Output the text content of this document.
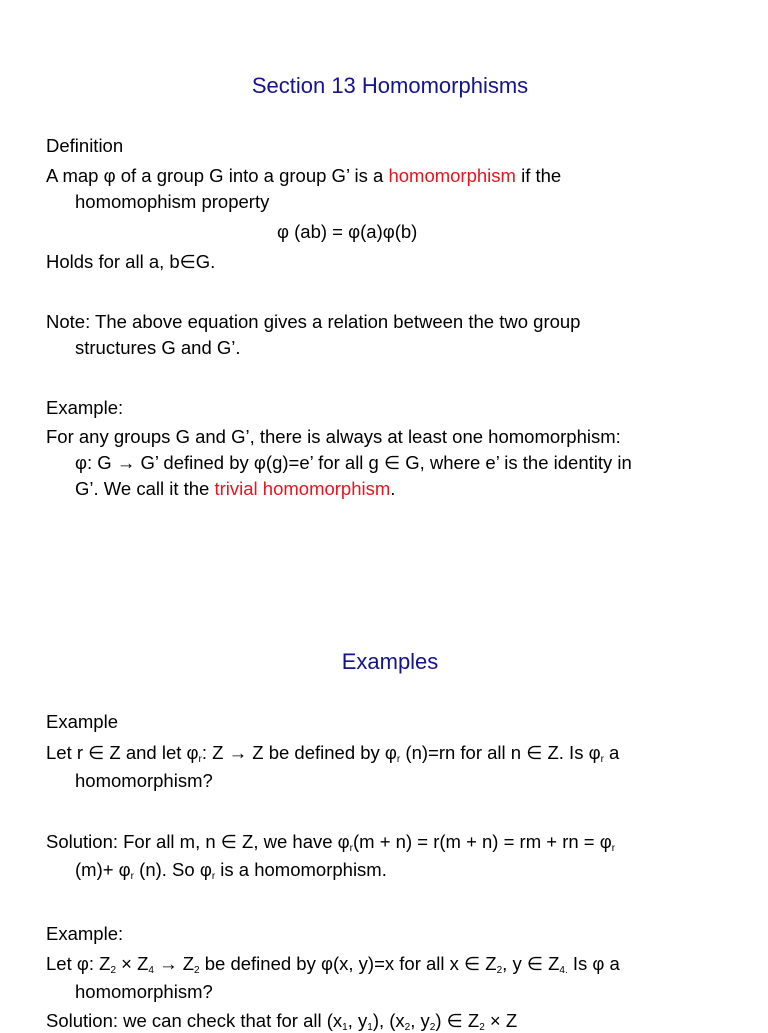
Section 13 Homomorphisms
Definition
A map φ of a group G into a group G’ is a homomorphism if the
homomophism property
φ (ab) = φ(a)φ(b)
Holds for all a, b∈G.
Note: The above equation gives a relation between the two group
structures G and G’.
Example:
For any groups G and G’, there is always at least one homomorphism:
φ: G → G’ defined by φ(g)=e’ for all g ∈ G, where e’ is the identity in
G’. We call it the trivial homomorphism.
Examples
Example
Let r ∈ Z and let $\varphi_r$: Z → Z be defined by $\varphi_r$ (n)=rn for all n ∈ Z. Is $\varphi_r$ a
homomorphism?
Solution: For all m, n ∈ Z, we have $\varphi_r(m + n) = r(m + n)$ = rm + rn = $\varphi_r$
$(m)+ \varphi_r$ (n). So $\varphi_r$ is a homomorphism.
Example:
Let φ: $Z_2 \times Z_4 \to Z_2$ be defined by φ(x, y)=x for all x ∈ $Z_2$, y ∈ $Z_{4.}$ Is φ a
homomorphism?
Solution: we can check that for all ($x_1$, $y_1$), ($x_2$, $y_2$) ∈ $Z_2 \times Z$
